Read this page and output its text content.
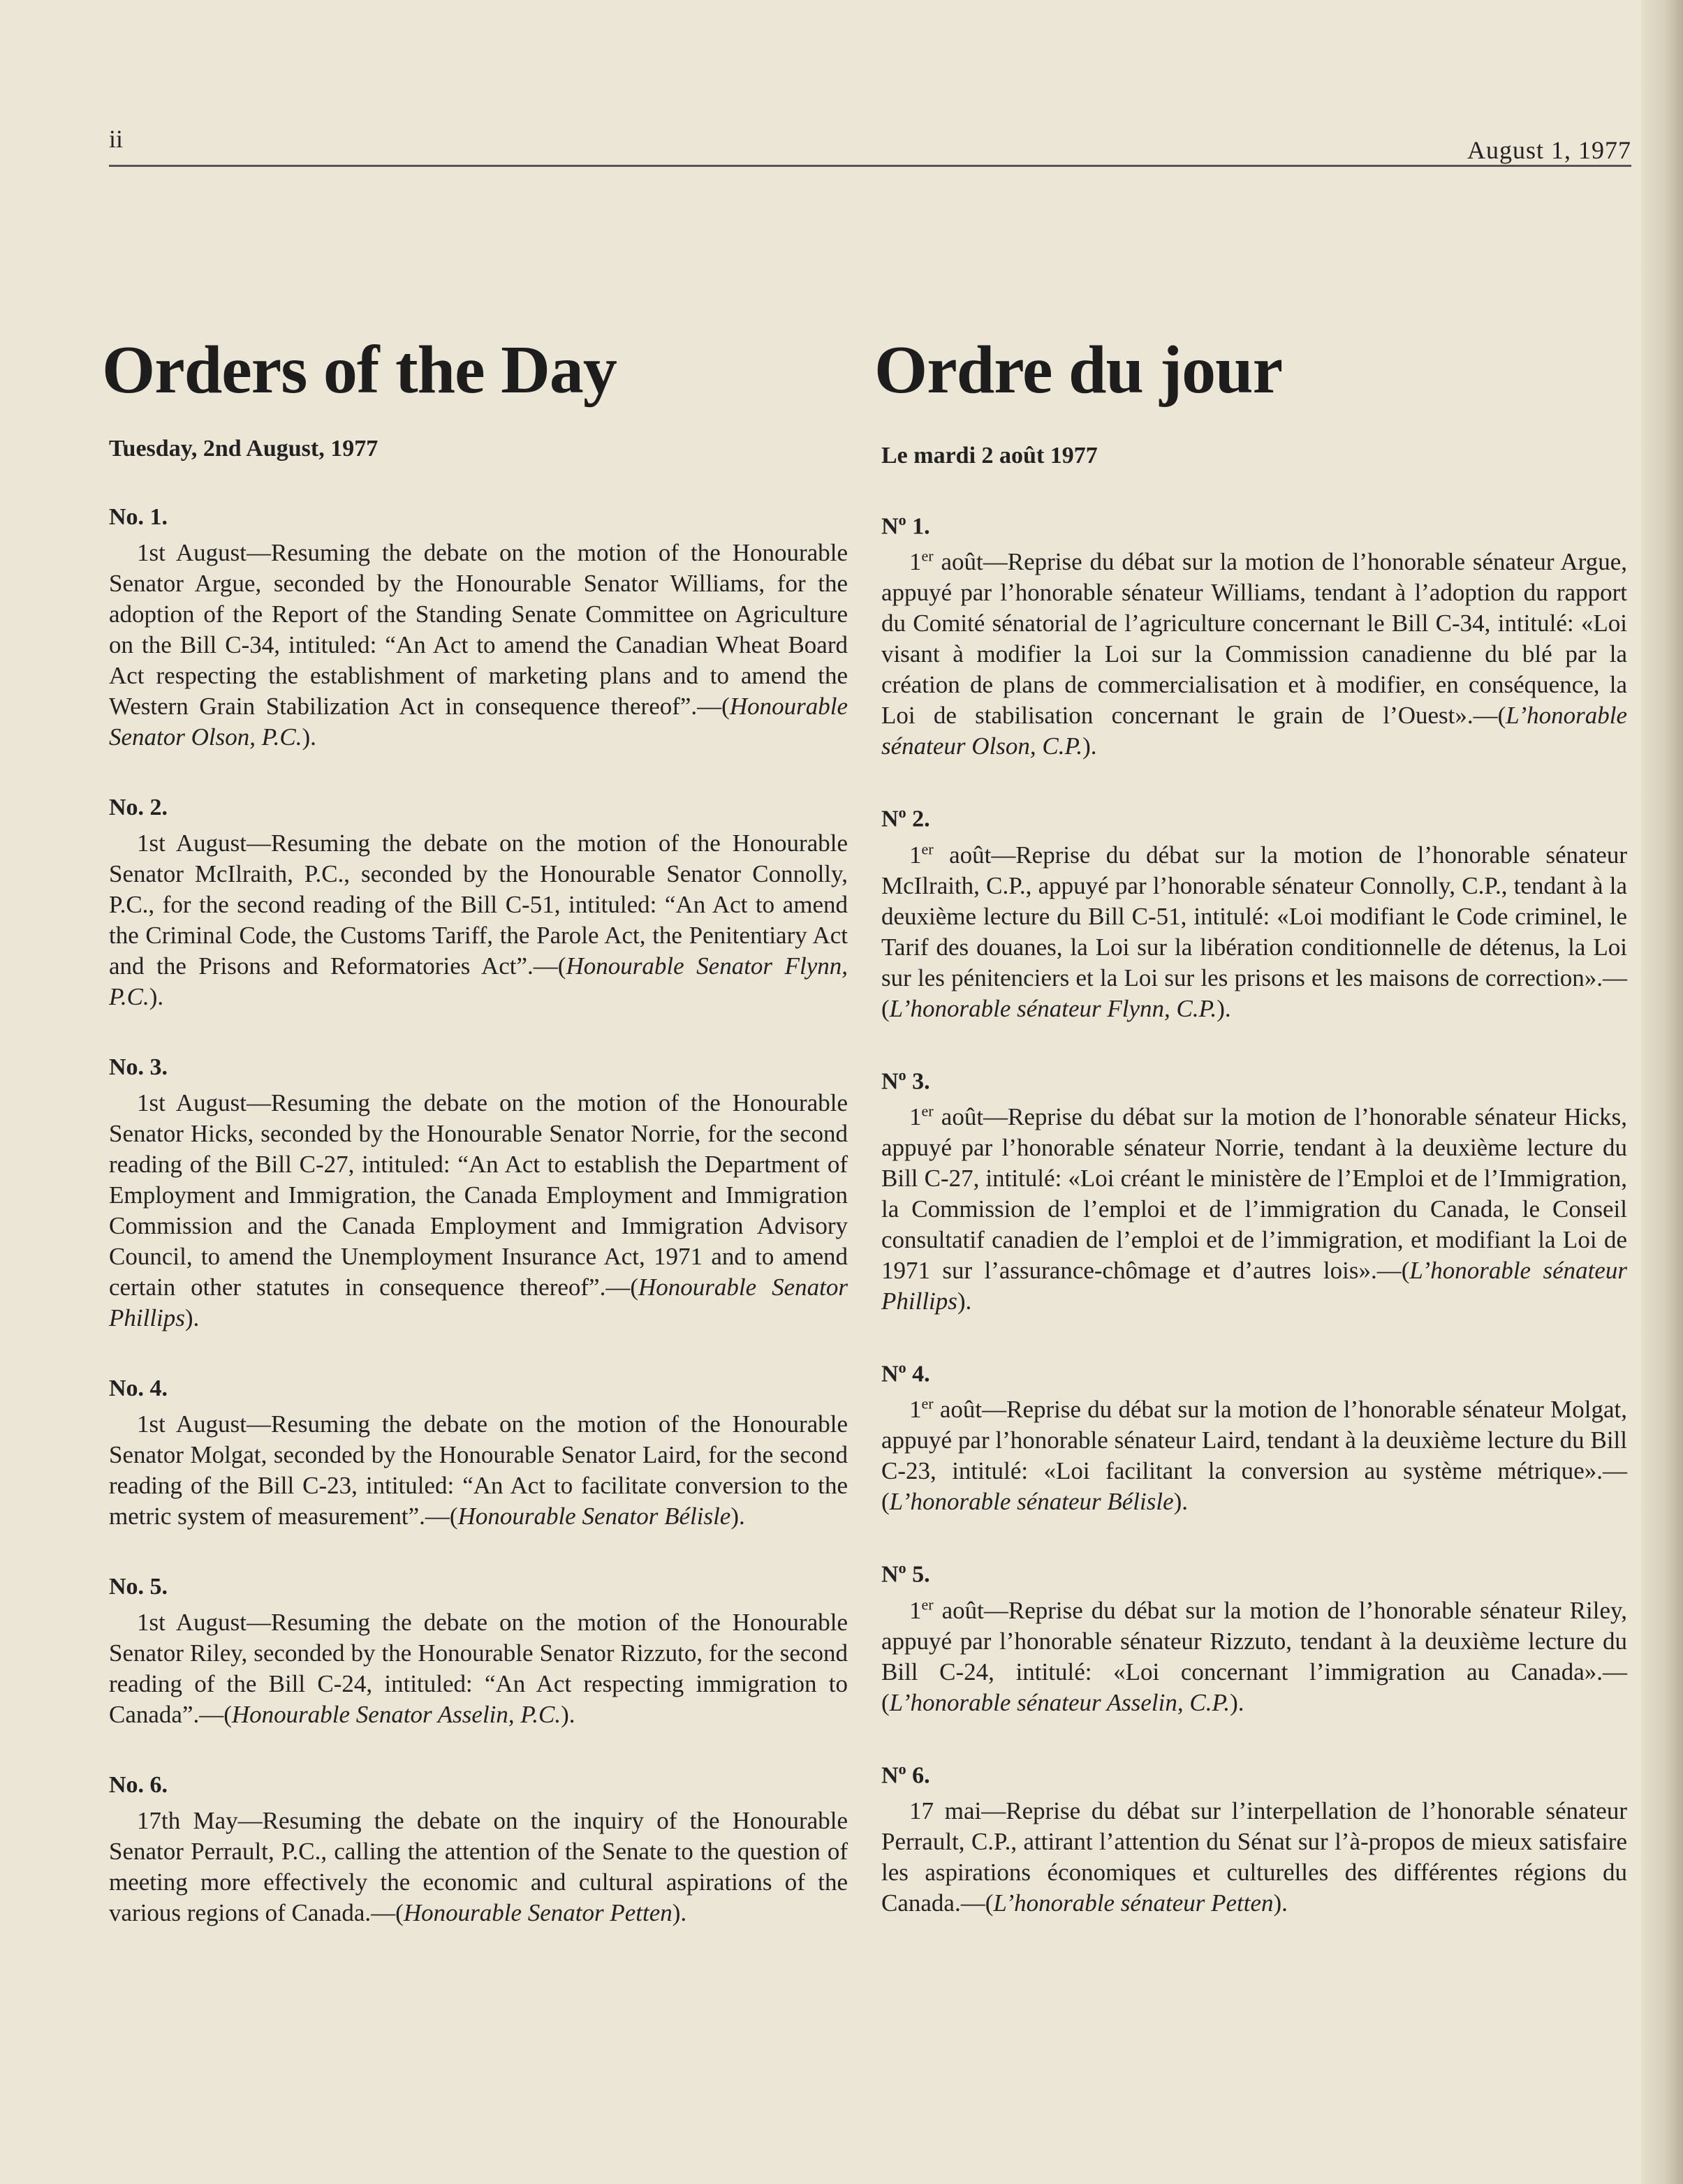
ii	August 1, 1977
Orders of the Day
Tuesday, 2nd August, 1977
No. 1.

1st August—Resuming the debate on the motion of the Honourable Senator Argue, seconded by the Honourable Senator Williams, for the adoption of the Report of the Standing Senate Committee on Agriculture on the Bill C-34, intituled: “An Act to amend the Canadian Wheat Board Act respecting the establishment of marketing plans and to amend the Western Grain Stabilization Act in consequence thereof”.—(Honourable Senator Olson, P.C.).

No. 2.

1st August—Resuming the debate on the motion of the Honourable Senator McIlraith, P.C., seconded by the Honourable Senator Connolly, P.C., for the second reading of the Bill C-51, intituled: “An Act to amend the Criminal Code, the Customs Tariff, the Parole Act, the Penitentiary Act and the Prisons and Reformatories Act”.—(Honourable Senator Flynn, P.C.).

No. 3.

1st August—Resuming the debate on the motion of the Honourable Senator Hicks, seconded by the Honourable Senator Norrie, for the second reading of the Bill C-27, intituled: “An Act to establish the Department of Employment and Immigration, the Canada Employment and Immigration Commission and the Canada Employment and Immigration Advisory Council, to amend the Unemployment Insurance Act, 1971 and to amend certain other statutes in consequence thereof”.—(Honourable Senator Phillips).

No. 4.

1st August—Resuming the debate on the motion of the Honourable Senator Molgat, seconded by the Honourable Senator Laird, for the second reading of the Bill C-23, intituled: “An Act to facilitate conversion to the metric system of measurement”.—(Honourable Senator Bélisle).

No. 5.

1st August—Resuming the debate on the motion of the Honourable Senator Riley, seconded by the Honourable Senator Rizzuto, for the second reading of the Bill C-24, intituled: “An Act respecting immigration to Canada”.—(Honourable Senator Asselin, P.C.).

No. 6.

17th May—Resuming the debate on the inquiry of the Honourable Senator Perrault, P.C., calling the attention of the Senate to the question of meeting more effectively the economic and cultural aspirations of the various regions of Canada.—(Honourable Senator Petten).

Ordre du jour
Le mardi 2 août 1977
$N^o$ 1.

1er août—Reprise du débat sur la motion de l’honorable sénateur Argue, appuyé par l’honorable sénateur Williams, tendant à l’adoption du rapport du Comité sénatorial de l’agriculture concernant le Bill C-34, intitulé: «Loi visant à modifier la Loi sur la Commission canadienne du blé par la création de plans de commercialisation et à modifier, en conséquence, la Loi de stabilisation concernant le grain de l’Ouest».—(L’honorable sénateur Olson, C.P.).

$N^o$ 2.

1er août—Reprise du débat sur la motion de l’honorable sénateur McIlraith, C.P., appuyé par l’honorable sénateur Connolly, C.P., tendant à la deuxième lecture du Bill C-51, intitulé: «Loi modifiant le Code criminel, le Tarif des douanes, la Loi sur la libération conditionnelle de détenus, la Loi sur les pénitenciers et la Loi sur les prisons et les maisons de correction».—(L’honorable sénateur Flynn, C.P.).

$N^o$ 3.

1er août—Reprise du débat sur la motion de l’honorable sénateur Hicks, appuyé par l’honorable sénateur Norrie, tendant à la deuxième lecture du Bill C-27, intitulé: «Loi créant le ministère de l’Emploi et de l’Immigration, la Commission de l’emploi et de l’immigration du Canada, le Conseil consultatif canadien de l’emploi et de l’immigration, et modifiant la Loi de 1971 sur l’assurance-chômage et d’autres lois».—(L’honorable sénateur Phillips).

$N^o$ 4.

1er août—Reprise du débat sur la motion de l’honorable sénateur Molgat, appuyé par l’honorable sénateur Laird, tendant à la deuxième lecture du Bill C-23, intitulé: «Loi facilitant la conversion au système métrique».—(L’honorable sénateur Bélisle).

$N^o$ 5.

1er août—Reprise du débat sur la motion de l’honorable sénateur Riley, appuyé par l’honorable sénateur Rizzuto, tendant à la deuxième lecture du Bill C-24, intitulé: «Loi concernant l’immigration au Canada».—(L’honorable sénateur Asselin, C.P.).

$N^o$ 6.

17 mai—Reprise du débat sur l’interpellation de l’honorable sénateur Perrault, C.P., attirant l’attention du Sénat sur l’à-propos de mieux satisfaire les aspirations économiques et culturelles des différentes régions du Canada.—(L’honorable sénateur Petten).
